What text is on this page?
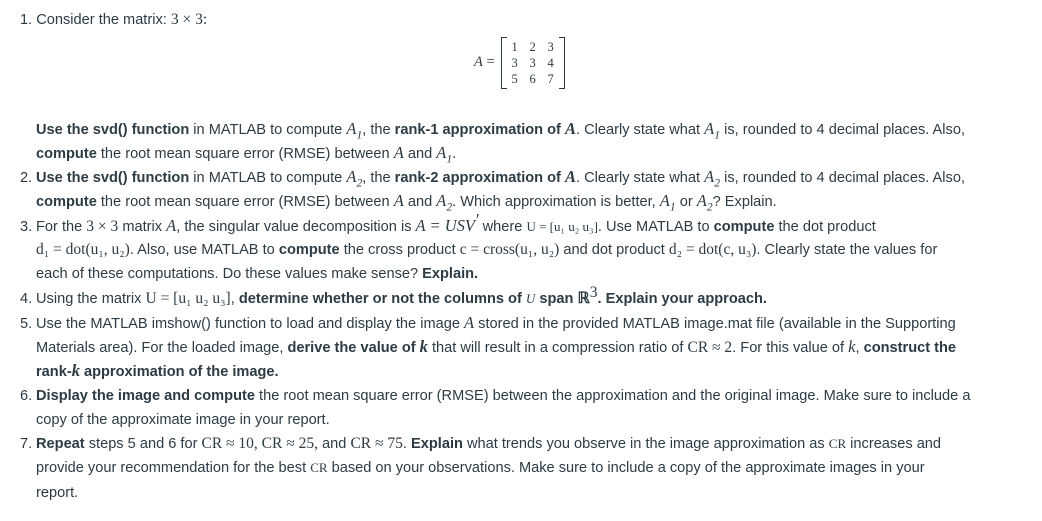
1. Consider the matrix: 3 × 3:
A =
1 2 3
3 3 4
5 6 7
Use the svd() function in MATLAB to compute $A_1$, the rank-1 approximation of A. Clearly state what $A_1$ is, rounded to 4 decimal places. Also,
compute the root mean square error (RMSE) between A and $A_1$.
2. Use the svd() function in MATLAB to compute $A_2$, the rank-2 approximation of A. Clearly state what $A_2$ is, rounded to 4 decimal places. Also,
compute the root mean square error (RMSE) between A and $A_2$. Which approximation is better, $A_1$ or $A_2$? Explain.
3. For the 3 × 3 matrix A, the singular value decomposition is A = USV′ where U = [u₁ u₂ u₃]. Use MATLAB to compute the dot product
d₁ = dot(u₁, u₂). Also, use MATLAB to compute the cross product c = cross(u₁, u₂) and dot product d₂ = dot(c, u₃). Clearly state the values for
each of these computations. Do these values make sense? Explain.
4. Using the matrix U = [u₁ u₂ u₃], determine whether or not the columns of U span ℝ$^3$. Explain your approach.
5. Use the MATLAB imshow() function to load and display the image A stored in the provided MATLAB image.mat file (available in the Supporting
Materials area). For the loaded image, derive the value of k that will result in a compression ratio of CR ≈ 2. For this value of k, construct the
rank-k approximation of the image.
6. Display the image and compute the root mean square error (RMSE) between the approximation and the original image. Make sure to include a
copy of the approximate image in your report.
7. Repeat steps 5 and 6 for CR ≈ 10, CR ≈ 25, and CR ≈ 75. Explain what trends you observe in the image approximation as CR increases and
provide your recommendation for the best CR based on your observations. Make sure to include a copy of the approximate images in your
report.
